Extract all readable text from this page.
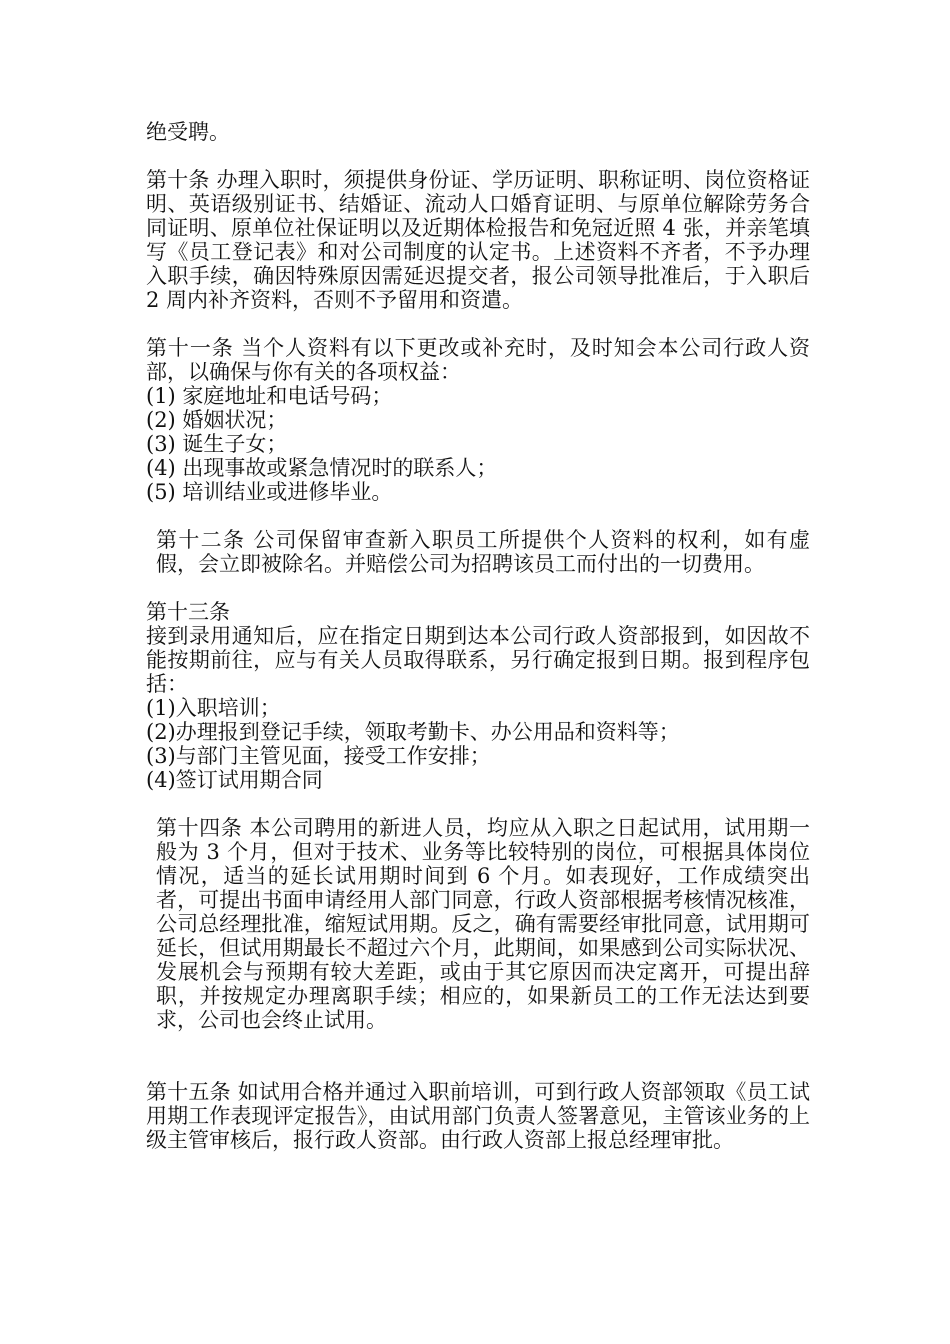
绝受聘。

第十条 办理入职时，须提供身份证、学历证明、职称证明、岗位资格证明、英语级别证书、结婚证、流动人口婚育证明、与原单位解除劳务合同证明、原单位社保证明以及近期体检报告和免冠近照 4 张，并亲笔填写《员工登记表》和对公司制度的认定书。上述资料不齐者，不予办理入职手续，确因特殊原因需延迟提交者，报公司领导批准后，于入职后 2 周内补齐资料，否则不予留用和资遣。

第十一条 当个人资料有以下更改或补充时，及时知会本公司行政人资部，以确保与你有关的各项权益：

(1) 家庭地址和电话号码；

(2) 婚姻状况；

(3) 诞生子女；

(4) 出现事故或紧急情况时的联系人；

(5) 培训结业或进修毕业。

第十二条 公司保留审查新入职员工所提供个人资料的权利，如有虚假，会立即被除名。并赔偿公司为招聘该员工而付出的一切费用。

第十三条

接到录用通知后，应在指定日期到达本公司行政人资部报到，如因故不能按期前往，应与有关人员取得联系，另行确定报到日期。报到程序包括：

(1)入职培训；

(2)办理报到登记手续，领取考勤卡、办公用品和资料等；

(3)与部门主管见面，接受工作安排；

(4)签订试用期合同

第十四条 本公司聘用的新进人员，均应从入职之日起试用，试用期一般为 3 个月，但对于技术、业务等比较特别的岗位，可根据具体岗位情况，适当的延长试用期时间到 6 个月。如表现好，工作成绩突出者，可提出书面申请经用人部门同意，行政人资部根据考核情况核准，公司总经理批准，缩短试用期。反之，确有需要经审批同意，试用期可延长，但试用期最长不超过六个月，此期间，如果感到公司实际状况、发展机会与预期有较大差距，或由于其它原因而决定离开，可提出辞职，并按规定办理离职手续；相应的，如果新员工的工作无法达到要求，公司也会终止试用。

第十五条 如试用合格并通过入职前培训，可到行政人资部领取《员工试用期工作表现评定报告》，由试用部门负责人签署意见，主管该业务的上级主管审核后，报行政人资部。由行政人资部上报总经理审批。
